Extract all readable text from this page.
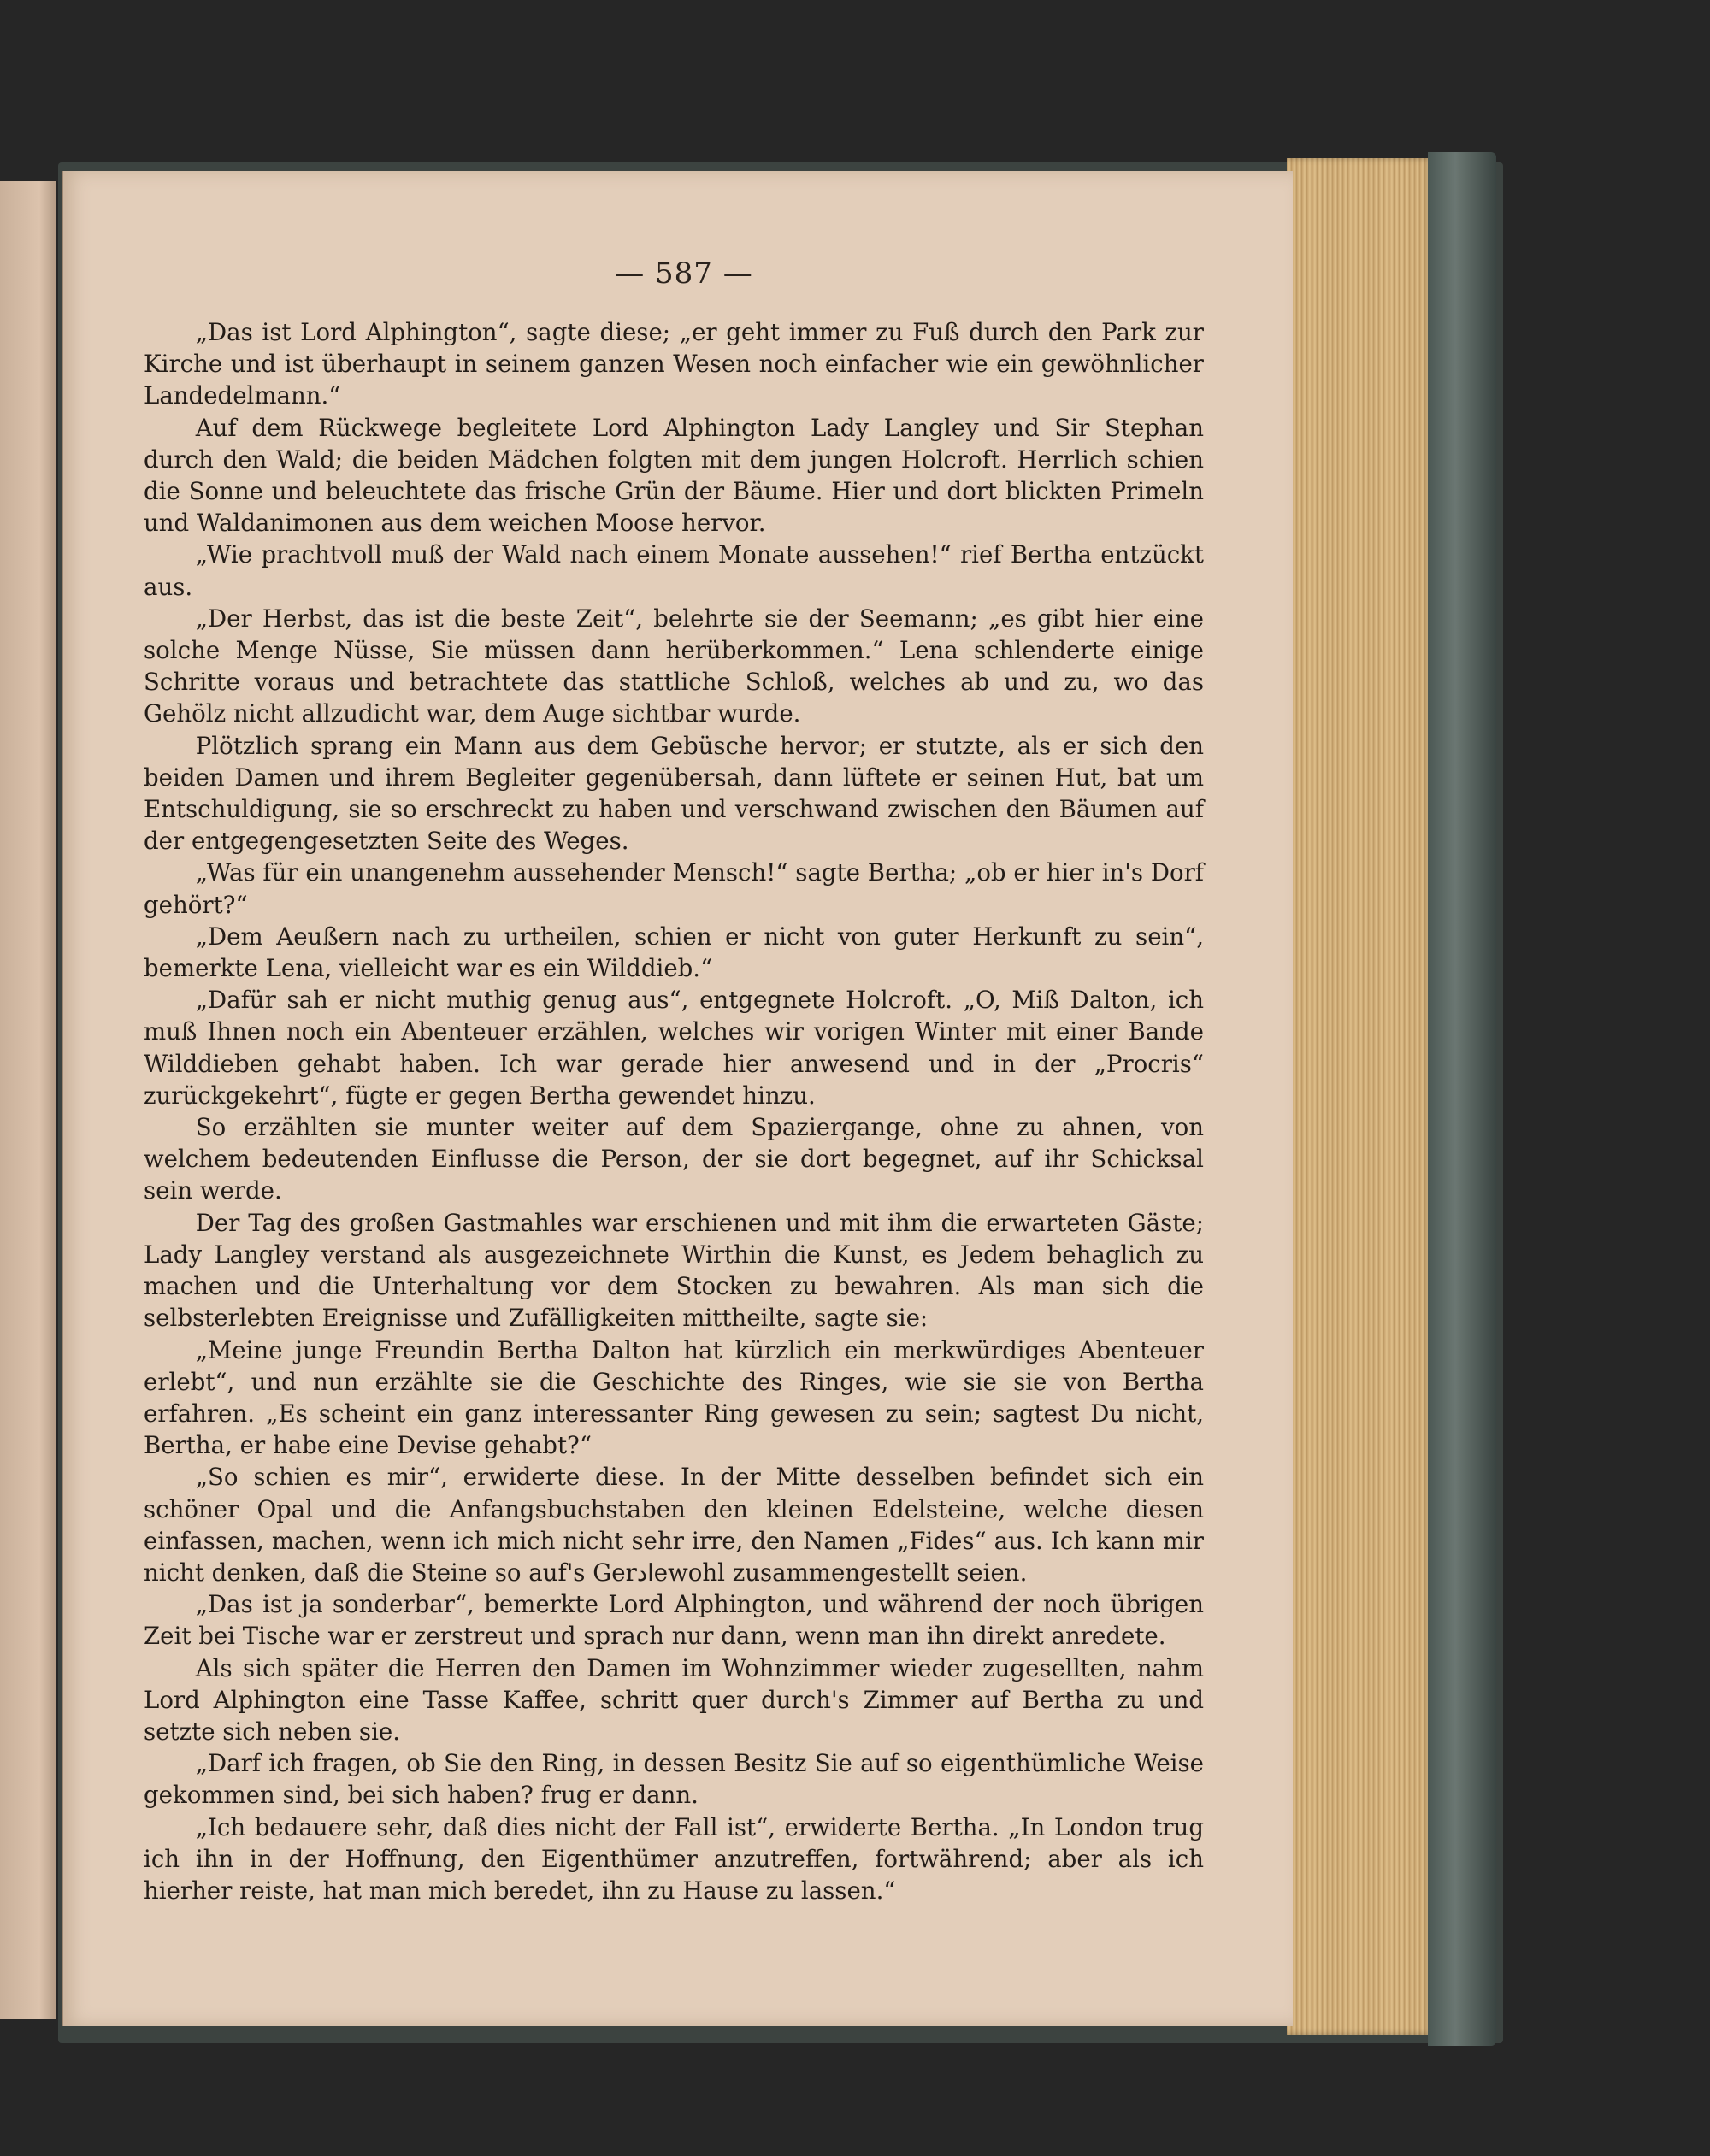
— 587 —

„Das ist Lord Alphington“, sagte diese; „er geht immer zu Fuß durch den Park zur Kirche und ist überhaupt in seinem ganzen Wesen noch einfacher wie ein gewöhnlicher Landedelmann.“

Auf dem Rückwege begleitete Lord Alphington Lady Langley und Sir Stephan durch den Wald; die beiden Mädchen folgten mit dem jungen Holcroft. Herrlich schien die Sonne und beleuchtete das frische Grün der Bäume. Hier und dort blickten Primeln und Waldanimonen aus dem weichen Moose hervor.

„Wie prachtvoll muß der Wald nach einem Monate aussehen!“ rief Bertha entzückt aus.

„Der Herbst, das ist die beste Zeit“, belehrte sie der Seemann; „es gibt hier eine solche Menge Nüsse, Sie müssen dann herüberkommen.“ Lena schlenderte einige Schritte voraus und betrachtete das stattliche Schloß, welches ab und zu, wo das Gehölz nicht allzudicht war, dem Auge sichtbar wurde.

Plötzlich sprang ein Mann aus dem Gebüsche hervor; er stutzte, als er sich den beiden Damen und ihrem Begleiter gegenübersah, dann lüftete er seinen Hut, bat um Entschuldigung, sie so erschreckt zu haben und verschwand zwischen den Bäumen auf der entgegengesetzten Seite des Weges.

„Was für ein unangenehm aussehender Mensch!“ sagte Bertha; „ob er hier in's Dorf gehört?“

„Dem Aeußern nach zu urtheilen, schien er nicht von guter Herkunft zu sein“, bemerkte Lena, vielleicht war es ein Wilddieb.“

„Dafür sah er nicht muthig genug aus“, entgegnete Holcroft. „O, Miß Dalton, ich muß Ihnen noch ein Abenteuer erzählen, welches wir vorigen Winter mit einer Bande Wilddieben gehabt haben. Ich war gerade hier anwesend und in der „Procris“ zurückgekehrt“, fügte er gegen Bertha gewendet hinzu.

So erzählten sie munter weiter auf dem Spaziergange, ohne zu ahnen, von welchem bedeutenden Einflusse die Person, der sie dort begegnet, auf ihr Schicksal sein werde.

Der Tag des großen Gastmahles war erschienen und mit ihm die erwarteten Gäste; Lady Langley verstand als ausgezeichnete Wirthin die Kunst, es Jedem behaglich zu machen und die Unterhaltung vor dem Stocken zu bewahren. Als man sich die selbsterlebten Ereignisse und Zufälligkeiten mittheilte, sagte sie:

„Meine junge Freundin Bertha Dalton hat kürzlich ein merkwürdiges Abenteuer erlebt“, und nun erzählte sie die Geschichte des Ringes, wie sie sie von Bertha erfahren. „Es scheint ein ganz interessanter Ring gewesen zu sein; sagtest Du nicht, Bertha, er habe eine Devise gehabt?“

„So schien es mir“, erwiderte diese. In der Mitte desselben befindet sich ein schöner Opal und die Anfangsbuchstaben den kleinen Edelsteine, welche diesen einfassen, machen, wenn ich mich nicht sehr irre, den Namen „Fides“ aus. Ich kann mir nicht denken, daß die Steine so auf's Gerادewohl zusammengestellt seien.

„Das ist ja sonderbar“, bemerkte Lord Alphington, und während der noch übrigen Zeit bei Tische war er zerstreut und sprach nur dann, wenn man ihn direkt anredete.

Als sich später die Herren den Damen im Wohnzimmer wieder zugesellten, nahm Lord Alphington eine Tasse Kaffee, schritt quer durch's Zimmer auf Bertha zu und setzte sich neben sie.

„Darf ich fragen, ob Sie den Ring, in dessen Besitz Sie auf so eigenthümliche Weise gekommen sind, bei sich haben? frug er dann.

„Ich bedauere sehr, daß dies nicht der Fall ist“, erwiderte Bertha. „In London trug ich ihn in der Hoffnung, den Eigenthümer anzutreffen, fortwährend; aber als ich hierher reiste, hat man mich beredet, ihn zu Hause zu lassen.“
